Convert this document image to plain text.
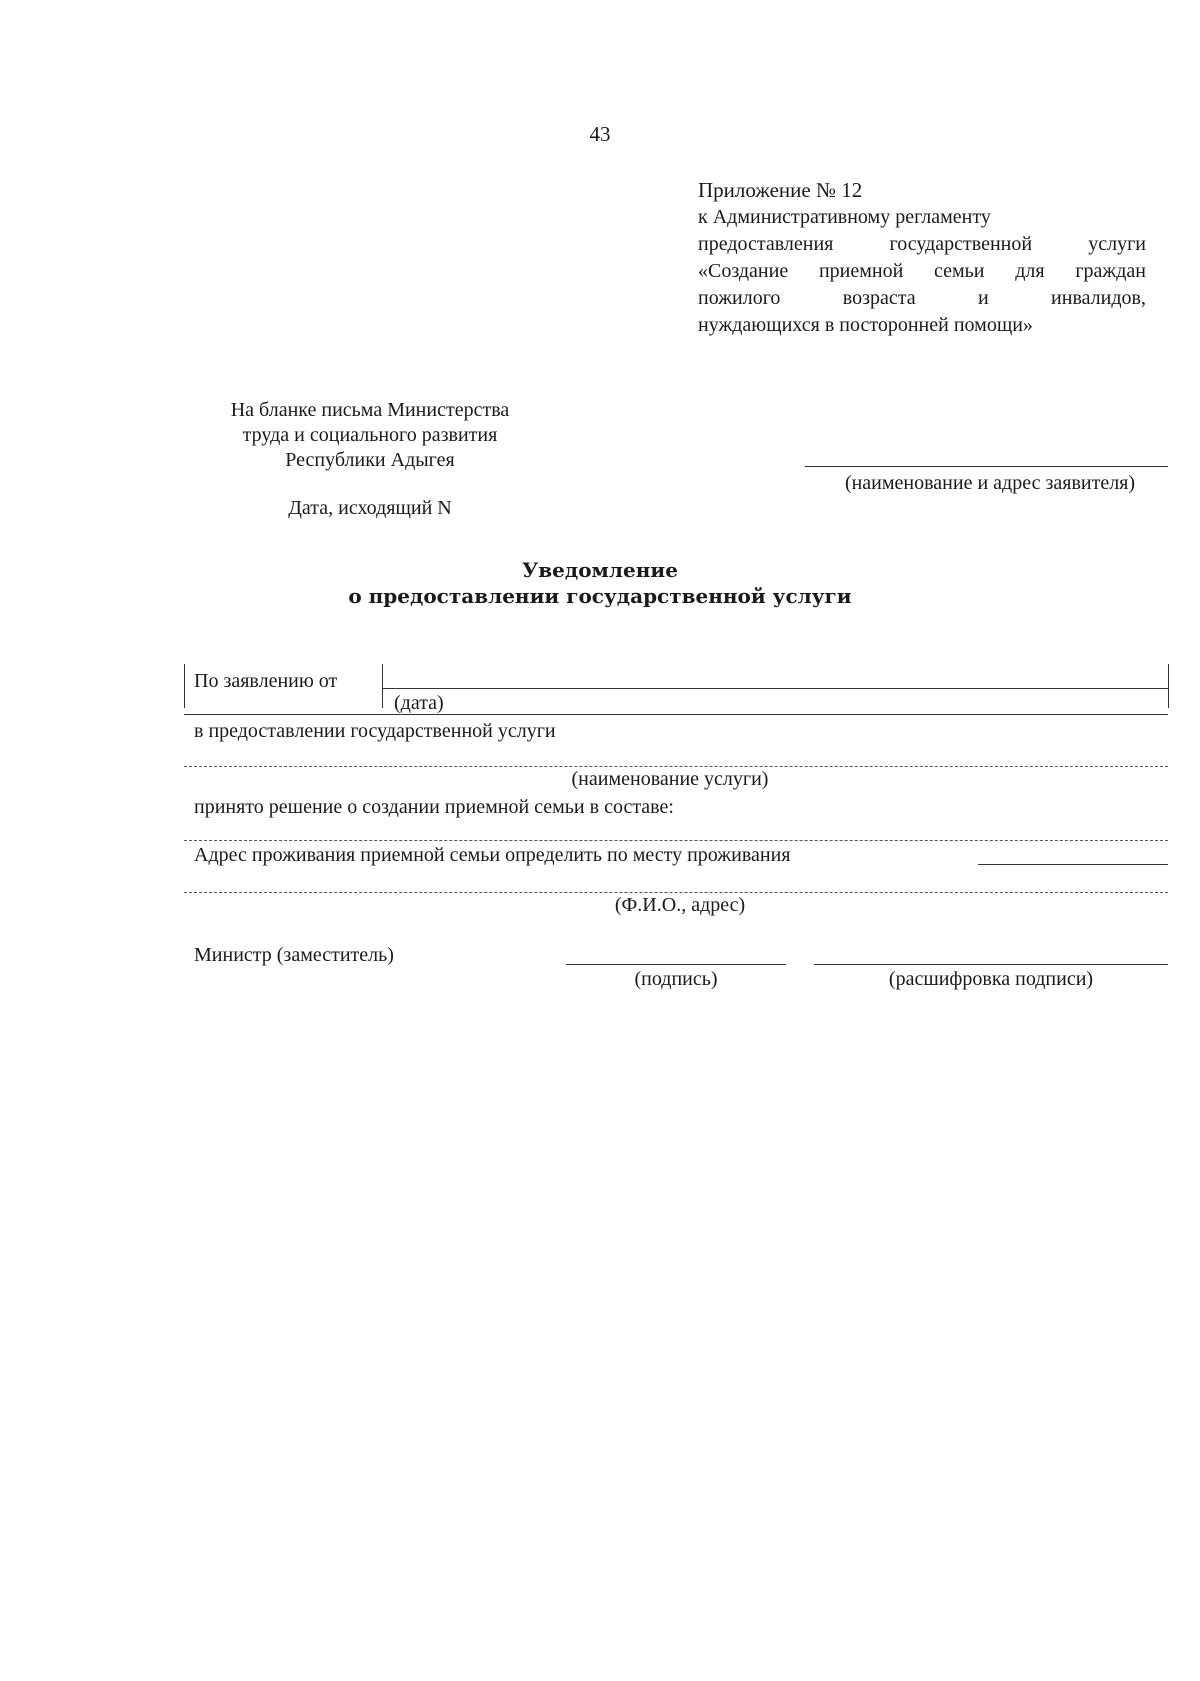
43
Приложение № 12
к Административному регламенту
предоставления государственной услуги
«Создание приемной семьи для граждан
пожилого возраста и инвалидов,
нуждающихся в посторонней помощи»
На бланке письма Министерства
труда и социального развития
Республики Адыгея
Дата, исходящий N
(наименование и адрес заявителя)
Уведомление
о предоставлении государственной услуги
По заявлению от
(дата)
в предоставлении государственной услуги
(наименование услуги)
принято решение о создании приемной семьи в составе:
Адрес проживания приемной семьи определить по месту проживания
(Ф.И.О., адрес)
Министр (заместитель)
(подпись)	(расшифровка подписи)
